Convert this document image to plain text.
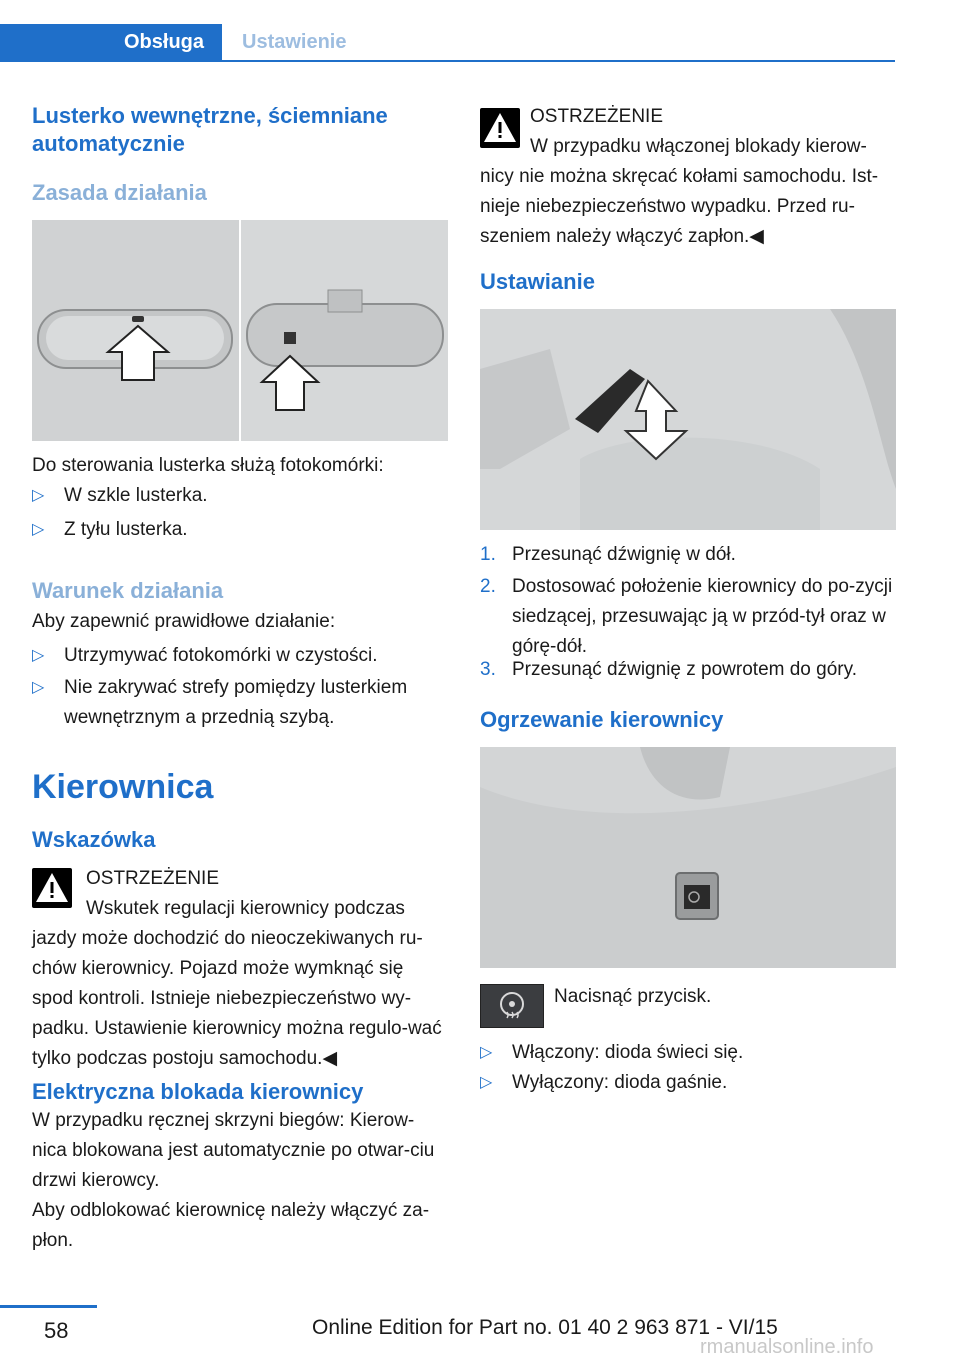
Obsługa	Ustawienie
Lusterko wewnętrzne, ściemniane automatycznie
Zasada działania

Do sterowania lusterka służą fotokomórki:

▷ W szkle lusterka.
▷ Z tyłu lusterka.
Warunek działania

Aby zapewnić prawidłowe działanie:

▷ Utrzymywać fotokomórki w czystości.
▷ Nie zakrywać strefy pomiędzy lusterkiem wewnętrznym a przednią szybą.
Kierownica
Wskazówka
OSTRZEŻENIE
Wskutek regulacji kierownicy podczas
jazdy może dochodzić do nieoczekiwanych ru‐chów kierownicy. Pojazd może wymknąć się spod kontroli. Istnieje niebezpieczeństwo wy‐padku. Ustawienie kierownicy można regulo‐wać tylko podczas postoju samochodu.◀
Elektryczna blokada kierownicy

W przypadku ręcznej skrzyni biegów: Kierow‐nica blokowana jest automatycznie po otwar‐ciu drzwi kierowcy.

Aby odblokować kierownicę należy włączyć za‐płon.

OSTRZEŻENIE
W przypadku włączonej blokady kierow‐
nicy nie można skręcać kołami samochodu. Ist‐nieje niebezpieczeństwo wypadku. Przed ru‐szeniem należy włączyć zapłon.◀
Ustawianie
1. Przesunąć dźwignię w dół.
2. Dostosować położenie kierownicy do po‐zycji siedzącej, przesuwając ją w przód-tył oraz w górę-dół.
3. Przesunąć dźwignię z powrotem do góry.
Ogrzewanie kierownicy
Nacisnąć przycisk.
▷ Włączony: dioda świeci się.
▷ Wyłączony: dioda gaśnie.
58	Online Edition for Part no. 01 40 2 963 871 - VI/15
rmanualsonline.info
